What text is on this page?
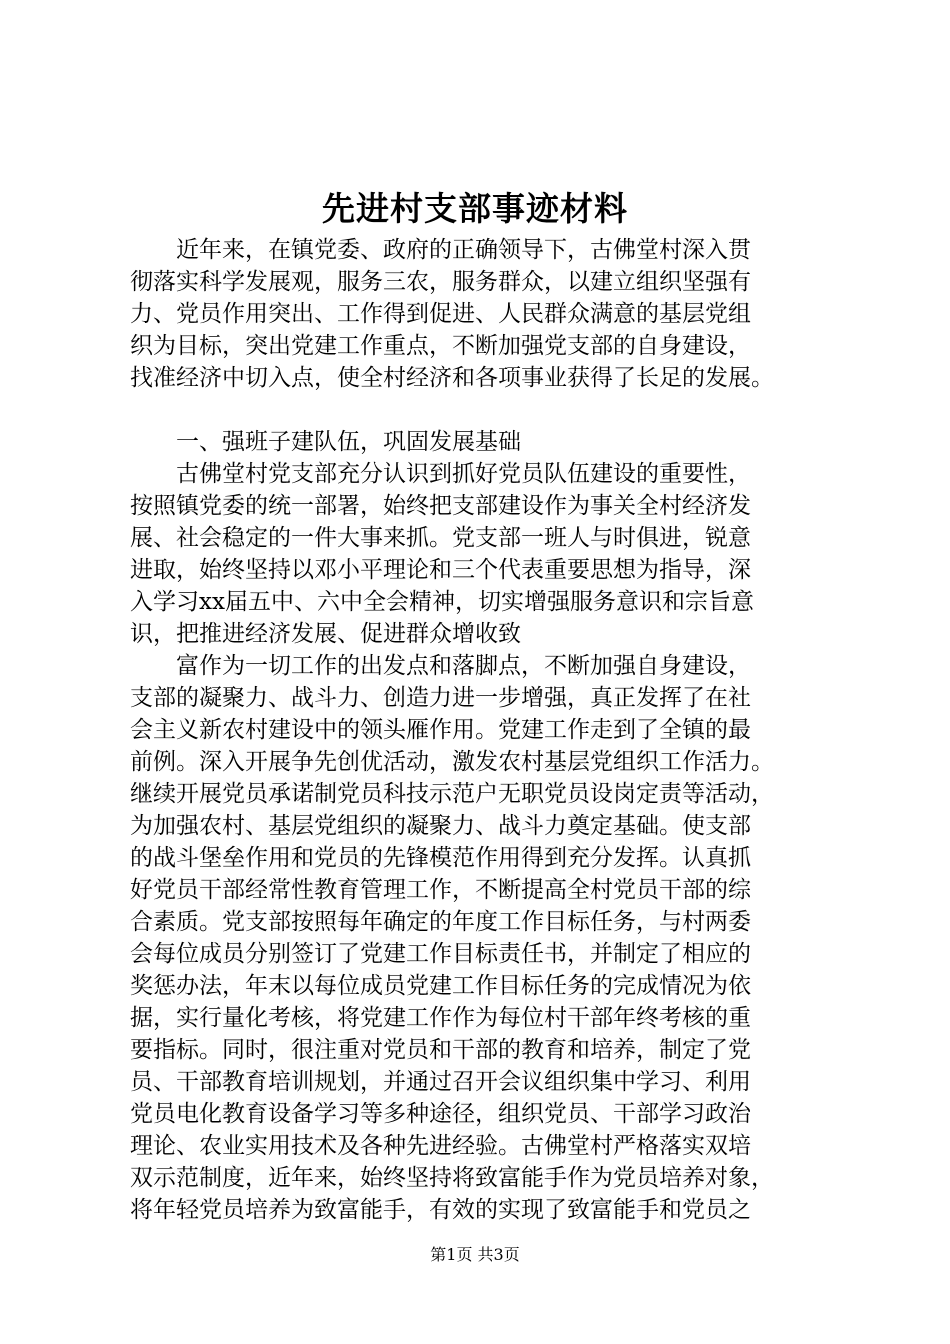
先进村支部事迹材料
近年来，在镇党委、政府的正确领导下，古佛堂村深入贯
彻落实科学发展观，服务三农，服务群众，以建立组织坚强有
力、党员作用突出、工作得到促进、人民群众满意的基层党组
织为目标，突出党建工作重点，不断加强党支部的自身建设，
找准经济中切入点，使全村经济和各项事业获得了长足的发展。
一、强班子建队伍，巩固发展基础
古佛堂村党支部充分认识到抓好党员队伍建设的重要性，
按照镇党委的统一部署，始终把支部建设作为事关全村经济发
展、社会稳定的一件大事来抓。党支部一班人与时俱进，锐意
进取，始终坚持以邓小平理论和三个代表重要思想为指导，深
入学习xx届五中、六中全会精神，切实增强服务意识和宗旨意
识，把推进经济发展、促进群众增收致
富作为一切工作的出发点和落脚点，不断加强自身建设，
支部的凝聚力、战斗力、创造力进一步增强，真正发挥了在社
会主义新农村建设中的领头雁作用。党建工作走到了全镇的最
前例。深入开展争先创优活动，激发农村基层党组织工作活力。
继续开展党员承诺制党员科技示范户无职党员设岗定责等活动，
为加强农村、基层党组织的凝聚力、战斗力奠定基础。使支部
的战斗堡垒作用和党员的先锋模范作用得到充分发挥。认真抓
好党员干部经常性教育管理工作，不断提高全村党员干部的综
合素质。党支部按照每年确定的年度工作目标任务，与村两委
会每位成员分别签订了党建工作目标责任书，并制定了相应的
奖惩办法，年末以每位成员党建工作目标任务的完成情况为依
据，实行量化考核，将党建工作作为每位村干部年终考核的重
要指标。同时，很注重对党员和干部的教育和培养，制定了党
员、干部教育培训规划，并通过召开会议组织集中学习、利用
党员电化教育设备学习等多种途径，组织党员、干部学习政治
理论、农业实用技术及各种先进经验。古佛堂村严格落实双培
双示范制度，近年来，始终坚持将致富能手作为党员培养对象，
将年轻党员培养为致富能手，有效的实现了致富能手和党员之
第1页 共3页
